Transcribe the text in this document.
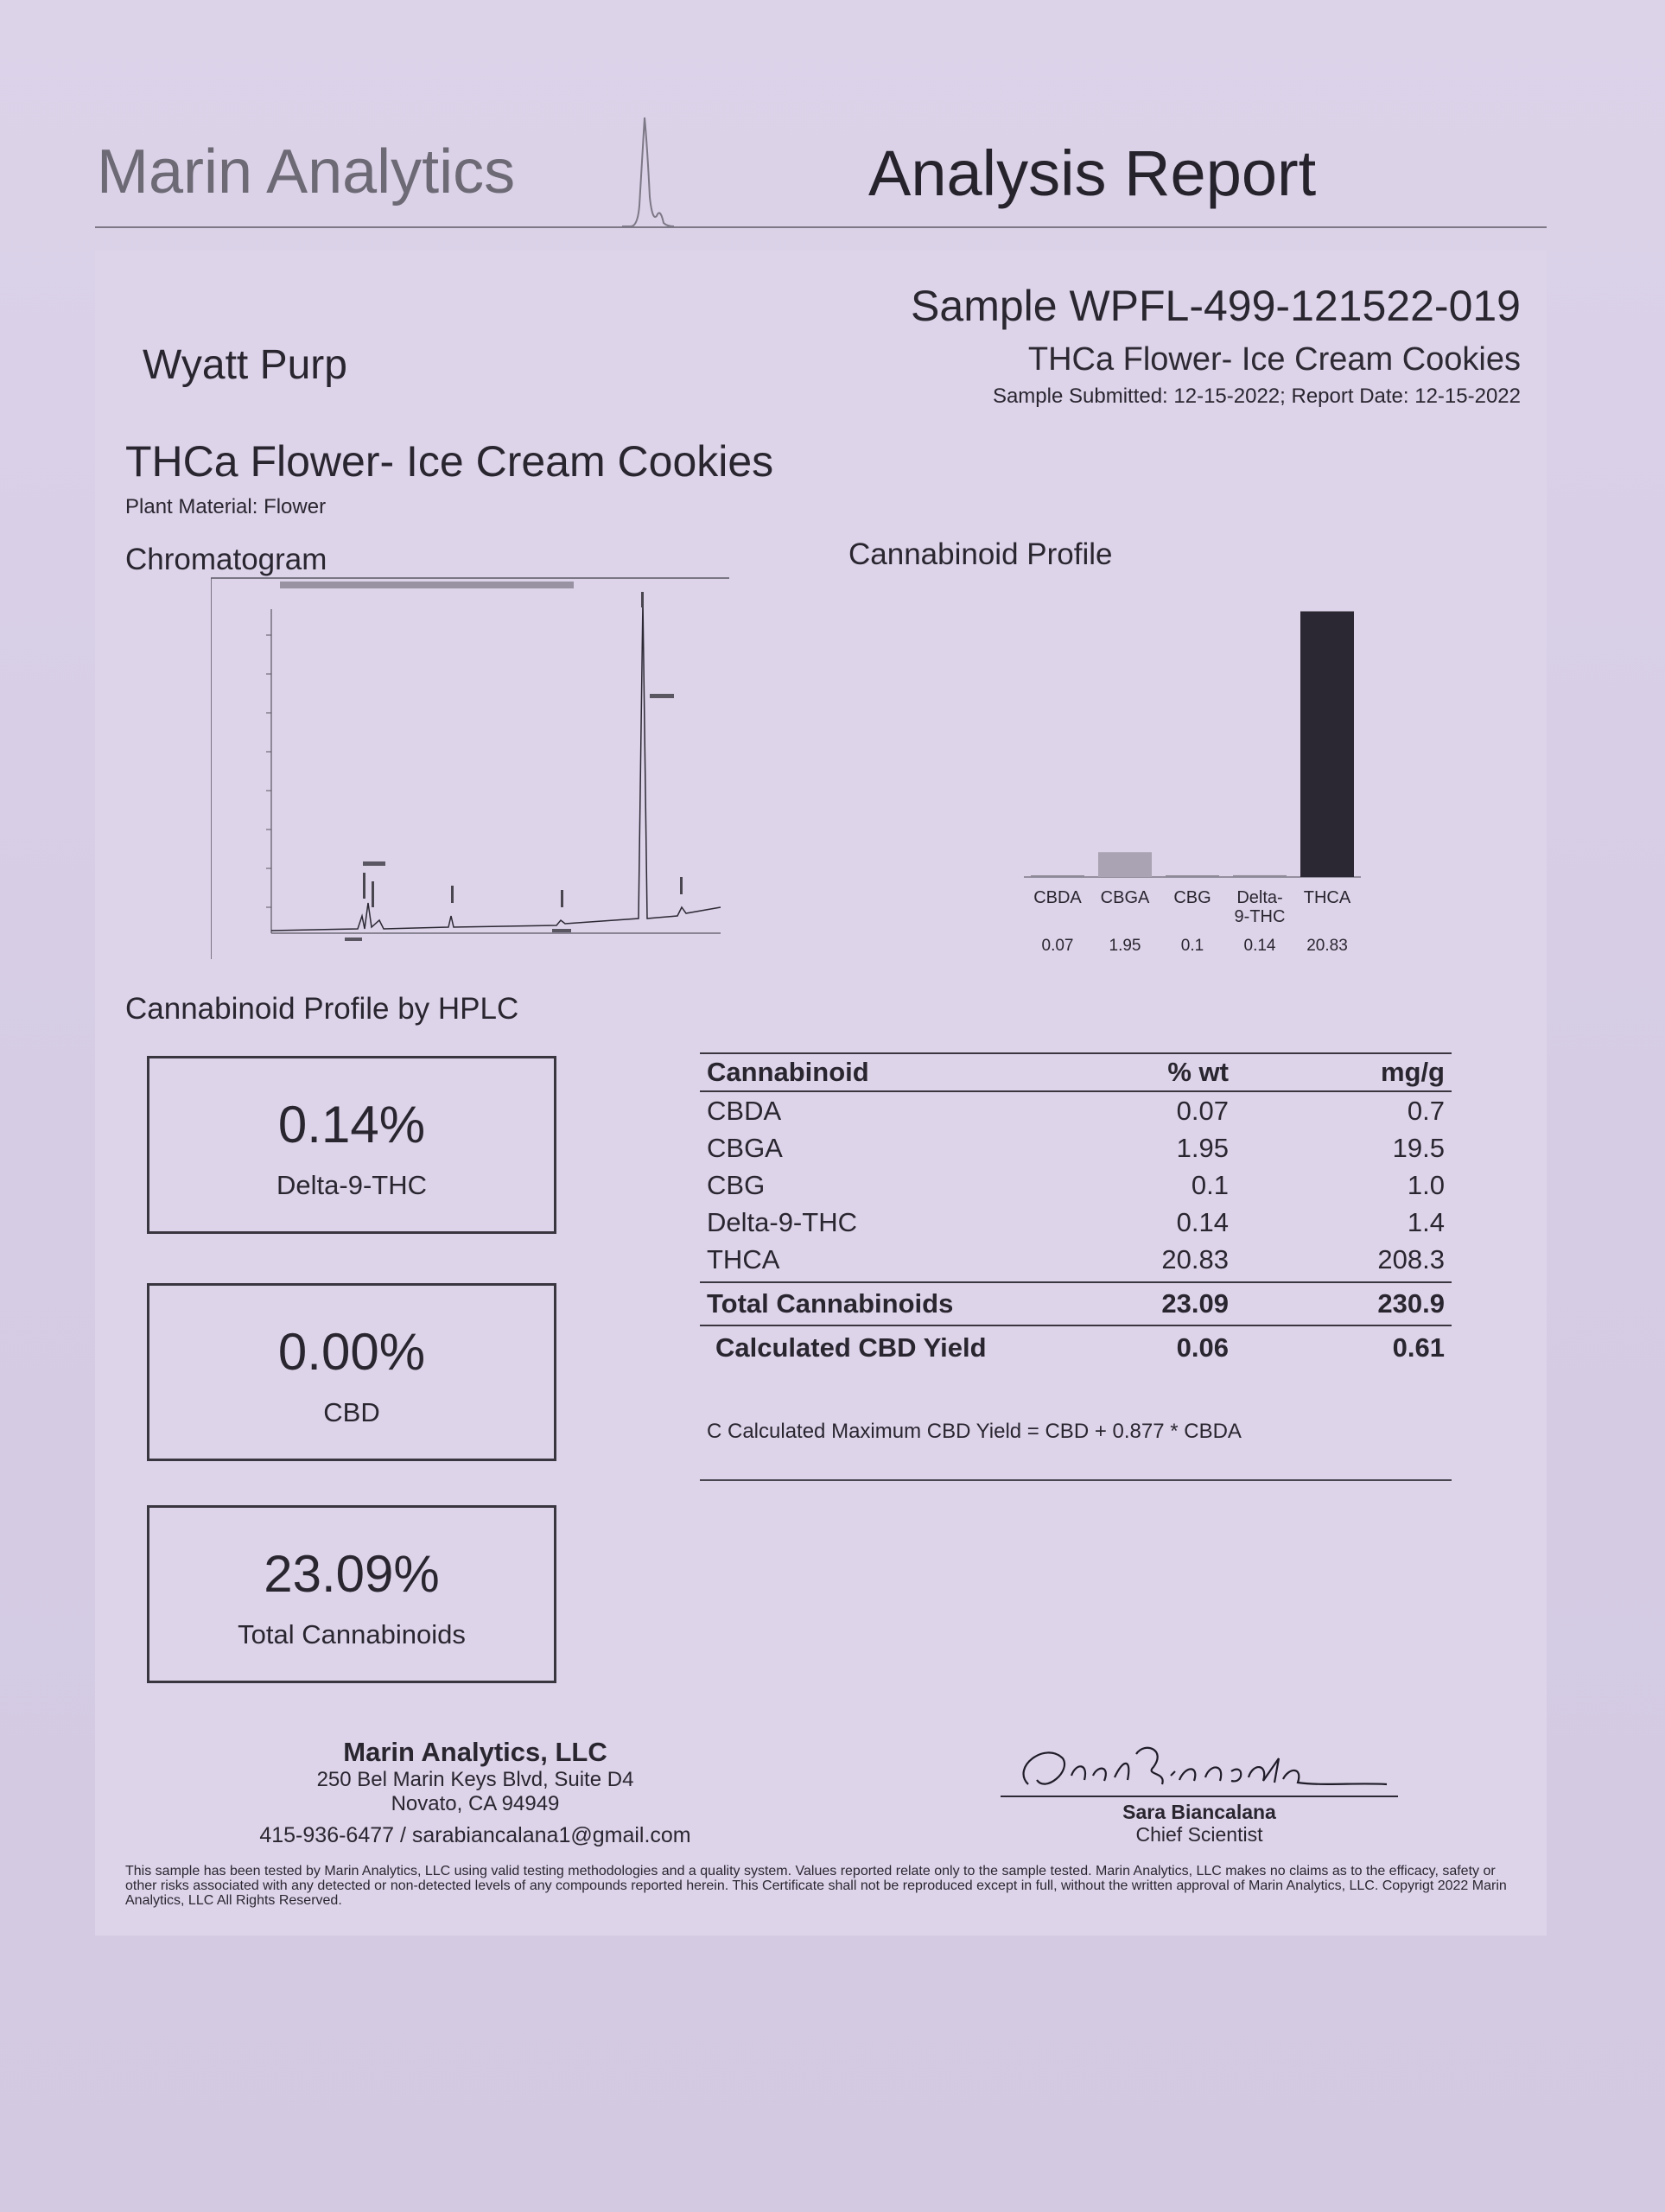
Marin Analytics	Analysis Report
Sample WPFL-499-121522-019
Wyatt Purp	THCa Flower- Ice Cream Cookies
Sample Submitted: 12-15-2022; Report Date: 12-15-2022
THCa Flower- Ice Cream Cookies
Plant Material: Flower
Chromatogram	Cannabinoid Profile
CBDA
0.07
CBGA
1.95
CBG
0.1
Delta-
9-THC
0.14
THCA
20.83
Cannabinoid Profile by HPLC
0.14%
Delta-9-THC
0.00%
CBD
23.09%
Total Cannabinoids
Cannabinoid	% wt	mg/g
CBDA	0.07	0.7
CBGA	1.95	19.5
CBG	0.1	1.0
Delta-9-THC	0.14	1.4
THCA	20.83	208.3
Total Cannabinoids	23.09	230.9
Calculated CBD Yield	0.06	0.61
C Calculated Maximum CBD Yield = CBD + 0.877 * CBDA
Marin Analytics, LLC
250 Bel Marin Keys Blvd, Suite D4
Novato, CA 94949
415-936-6477 / sarabiancalana1@gmail.com
Sara Biancala
Sara Biancalana
Chief Scientist
This sample has been tested by Marin Analytics, LLC using valid testing methodologies and a quality system. Values reported relate only to the sample tested. Marin Analytics, LLC makes no claims as to the efficacy, safety or other risks associated with any detected or non-detected levels of any compounds reported herein. This Certificate shall not be reproduced except in full, without the written approval of Marin Analytics, LLC. Copyrigt 2022 Marin Analytics, LLC All Rights Reserved.
